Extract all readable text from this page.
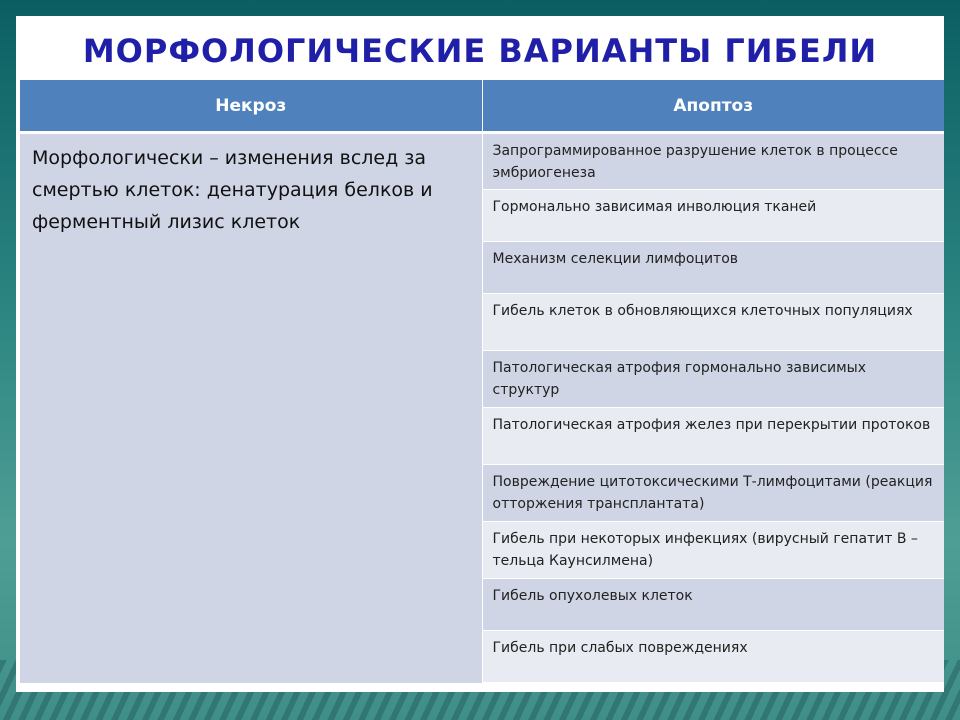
МОРФОЛОГИЧЕСКИЕ ВАРИАНТЫ ГИБЕЛИ
Некроз	Апоптоз
Морфологически – изменения вслед за смертью клеток: денатурация белков и ферментный лизис клеток	Запрограммированное разрушение клеток в процессе эмбриогенеза
	Гормонально зависимая инволюция тканей
	Механизм селекции лимфоцитов
	Гибель клеток в обновляющихся клеточных популяциях
	Патологическая атрофия гормонально зависимых структур
	Патологическая атрофия желез при перекрытии протоков
	Повреждение цитотоксическими Т-лимфоцитами (реакция отторжения трансплантата)
	Гибель при некоторых инфекциях (вирусный гепатит В – тельца Каунсилмена)
	Гибель опухолевых клеток
	Гибель при слабых повреждениях
